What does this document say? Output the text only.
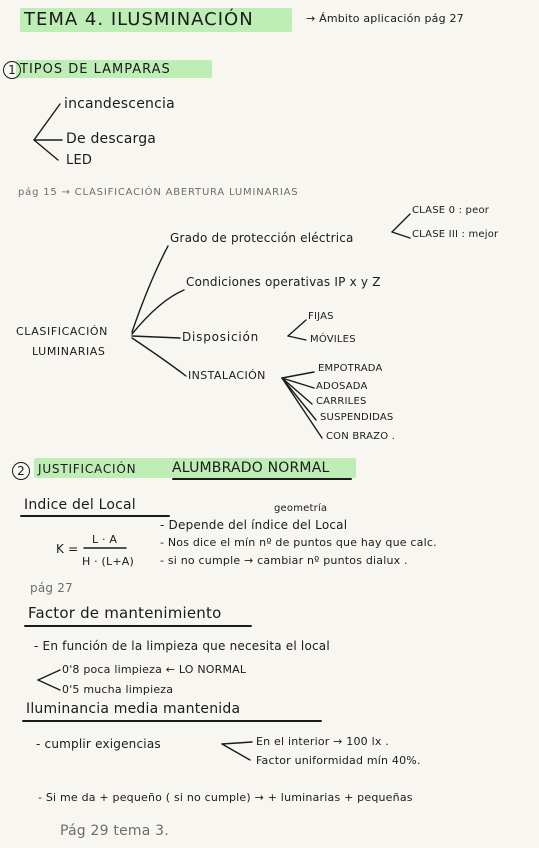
TEMA 4. ILUSMINACIÓN	→ Ámbito aplicación pág 27
1 TIPOS DE LAMPARAS
incandescencia
De descarga
LED
pág 15 → CLASIFICACIÓN ABERTURA LUMINARIAS
CLASIFICACIÓN
LUMINARIAS
Grado de protección eléctrica
CLASE 0 : peor
CLASE III : mejor
Condiciones operativas IP x y Z
Disposición
FIJAS
MÓVILES
INSTALACIÓN
EMPOTRADA
ADOSADA
CARRILES
SUSPENDIDAS
CON BRAZO .
2	JUSTIFICACIÓN	ALUMBRADO NORMAL
Indice del Local	geometría
K =
L · A
H · (L+A)
- Depende del índice del Local
- Nos dice el mín nº de puntos que hay que calc.
- si no cumple → cambiar nº puntos dialux .
pág 27
Factor de mantenimiento
- En función de la limpieza que necesita el local
0'8 poca limpieza ← LO NORMAL
0'5 mucha limpieza
Iluminancia media mantenida
- cumplir exigencias	En el interior → 100 lx .
Factor uniformidad mín 40%.
- Si me da + pequeño ( si no cumple) → + luminarias + pequeñas
Pág 29 tema 3.
